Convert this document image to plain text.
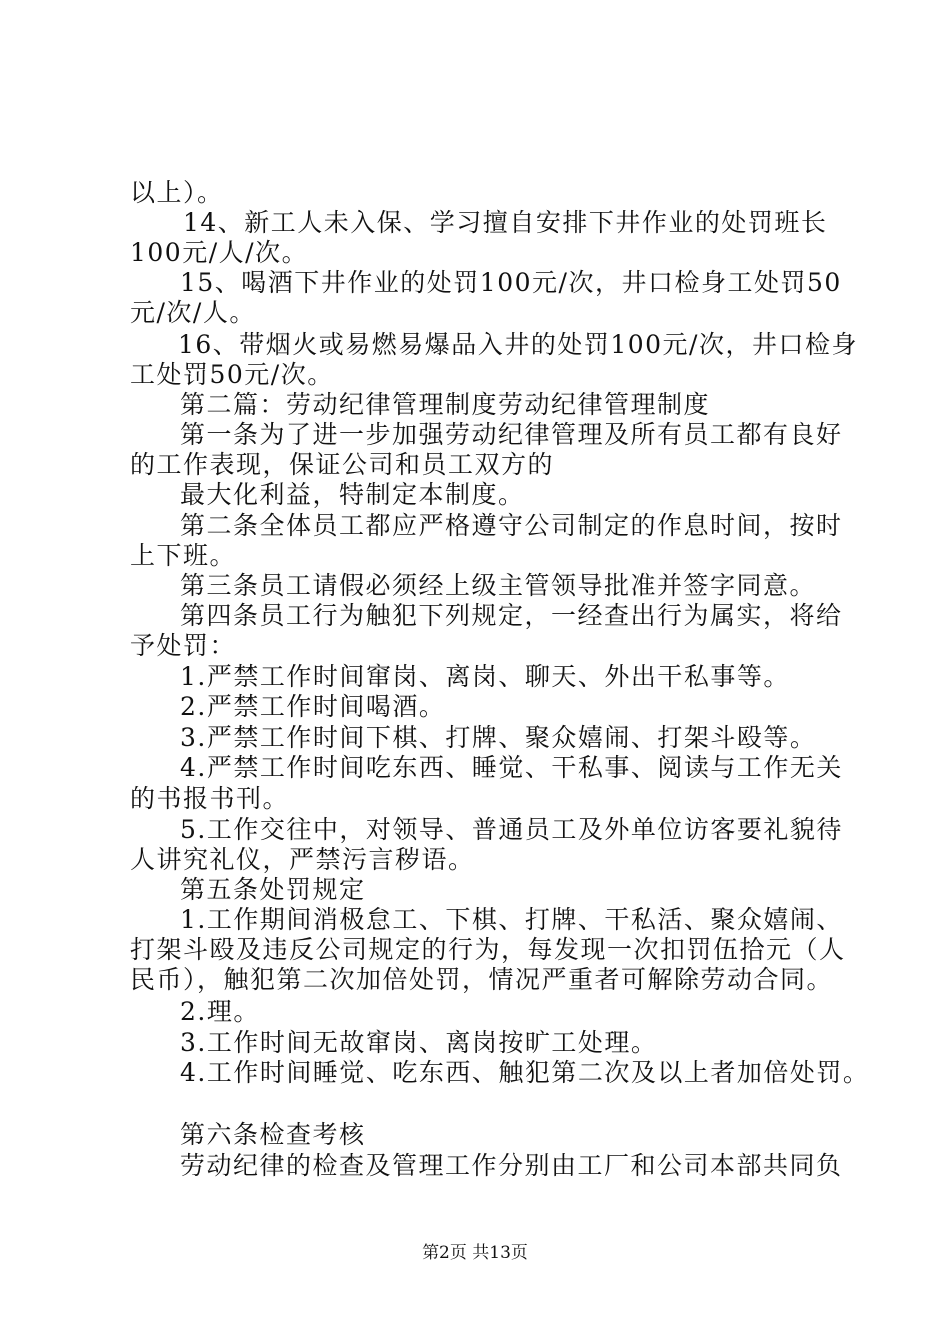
以上）。
14、新工人未入保、学习擅自安排下井作业的处罚班长
100元/人/次。
15、喝酒下井作业的处罚100元/次，井口检身工处罚50
元/次/人。
16、带烟火或易燃易爆品入井的处罚100元/次，井口检身
工处罚50元/次。
第二篇：劳动纪律管理制度劳动纪律管理制度
第一条为了进一步加强劳动纪律管理及所有员工都有良好
的工作表现，保证公司和员工双方的
最大化利益，特制定本制度。
第二条全体员工都应严格遵守公司制定的作息时间，按时
上下班。
第三条员工请假必须经上级主管领导批准并签字同意。
第四条员工行为触犯下列规定，一经查出行为属实，将给
予处罚：
1.严禁工作时间窜岗、离岗、聊天、外出干私事等。
2.严禁工作时间喝酒。
3.严禁工作时间下棋、打牌、聚众嬉闹、打架斗殴等。
4.严禁工作时间吃东西、睡觉、干私事、阅读与工作无关
的书报书刊。
5.工作交往中，对领导、普通员工及外单位访客要礼貌待
人讲究礼仪，严禁污言秽语。
第五条处罚规定
1.工作期间消极怠工、下棋、打牌、干私活、聚众嬉闹、
打架斗殴及违反公司规定的行为，每发现一次扣罚伍拾元（人
民币），触犯第二次加倍处罚，情况严重者可解除劳动合同。
2.理。
3.工作时间无故窜岗、离岗按旷工处理。
4.工作时间睡觉、吃东西、触犯第二次及以上者加倍处罚。
第六条检查考核
劳动纪律的检查及管理工作分别由工厂和公司本部共同负
第2页 共13页
